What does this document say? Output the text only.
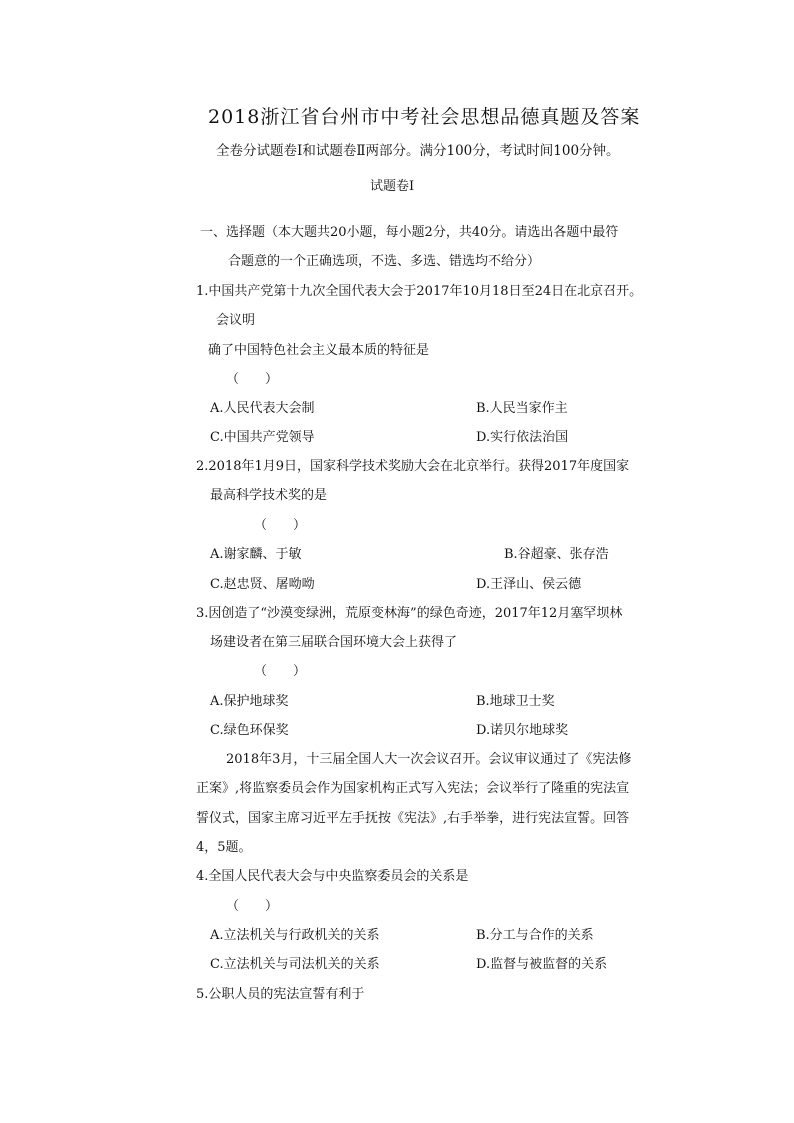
2018浙江省台州市中考社会思想品德真题及答案
全卷分试题卷Ⅰ和试题卷Ⅱ两部分。满分100分，考试时间100分钟。
试题卷Ⅰ
一、选择题（本大题共20小题，每小题2分，共40分。请选出各题中最符
合题意的一个正确选项，不选、多选、错选均不给分）
1.中国共产党第十九次全国代表大会于2017年10月18日至24日在北京召开。
会议明
确了中国特色社会主义最本质的特征是
（　　）
A.人民代表大会制	B.人民当家作主
C.中国共产党领导	D.实行依法治国
2.2018年1月9日，国家科学技术奖励大会在北京举行。获得2017年度国家
最高科学技术奖的是
（　　）
A.谢家麟、于敏	B.谷超豪、张存浩
C.赵忠贤、屠呦呦	D.王泽山、侯云德
3.因创造了“沙漠变绿洲，荒原变林海”的绿色奇迹，2017年12月塞罕坝林
场建设者在第三届联合国环境大会上获得了
（　　）
A.保护地球奖	B.地球卫士奖
C.绿色环保奖	D.诺贝尔地球奖
2018年3月，十三届全国人大一次会议召开。会议审议通过了《宪法修
正案》,将监察委员会作为国家机构正式写入宪法；会议举行了隆重的宪法宣
誓仪式，国家主席习近平左手抚按《宪法》,右手举拳，进行宪法宣誓。回答
4，5题。
4.全国人民代表大会与中央监察委员会的关系是
（　　）
A.立法机关与行政机关的关系	B.分工与合作的关系
C.立法机关与司法机关的关系	D.监督与被监督的关系
5.公职人员的宪法宣誓有利于
